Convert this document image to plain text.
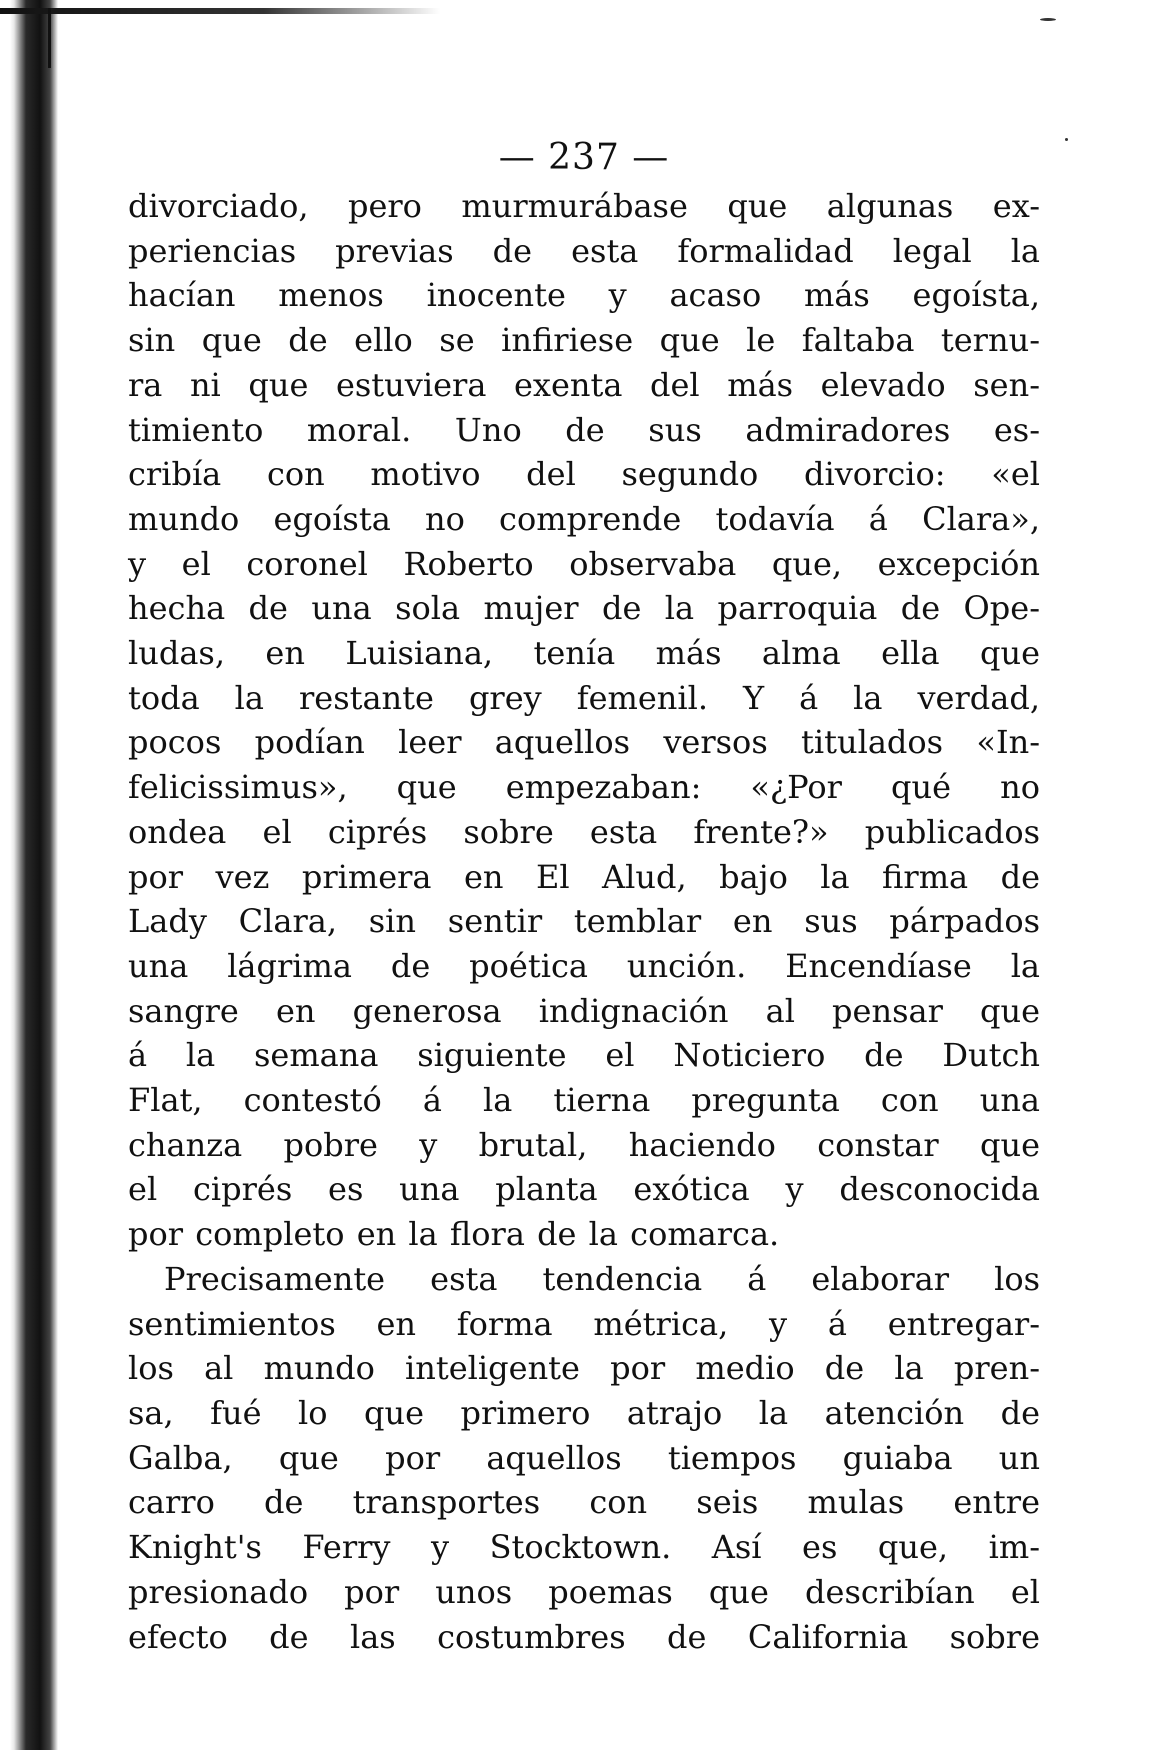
— 237 —

divorciado, pero murmurábase que algunas ex-
periencias previas de esta formalidad legal la
hacían menos inocente y acaso más egoísta,
sin que de ello se infiriese que le faltaba ternu-
ra ni que estuviera exenta del más elevado sen-
timiento moral. Uno de sus admiradores es-
cribía con motivo del segundo divorcio: «el
mundo egoísta no comprende todavía á Clara»,
y el coronel Roberto observaba que, excepción
hecha de una sola mujer de la parroquia de Ope-
ludas, en Luisiana, tenía más alma ella que
toda la restante grey femenil. Y á la verdad,
pocos podían leer aquellos versos titulados «In-
felicissimus», que empezaban: «¿Por qué no
ondea el ciprés sobre esta frente?» publicados
por vez primera en El Alud, bajo la firma de
Lady Clara, sin sentir temblar en sus párpados
una lágrima de poética unción. Encendíase la
sangre en generosa indignación al pensar que
á la semana siguiente el Noticiero de Dutch
Flat, contestó á la tierna pregunta con una
chanza pobre y brutal, haciendo constar que
el ciprés es una planta exótica y desconocida
por completo en la flora de la comarca.

Precisamente esta tendencia á elaborar los
sentimientos en forma métrica, y á entregar-
los al mundo inteligente por medio de la pren-
sa, fué lo que primero atrajo la atención de
Galba, que por aquellos tiempos guiaba un
carro de transportes con seis mulas entre
Knight's Ferry y Stocktown. Así es que, im-
presionado por unos poemas que describían el
efecto de las costumbres de California sobre
